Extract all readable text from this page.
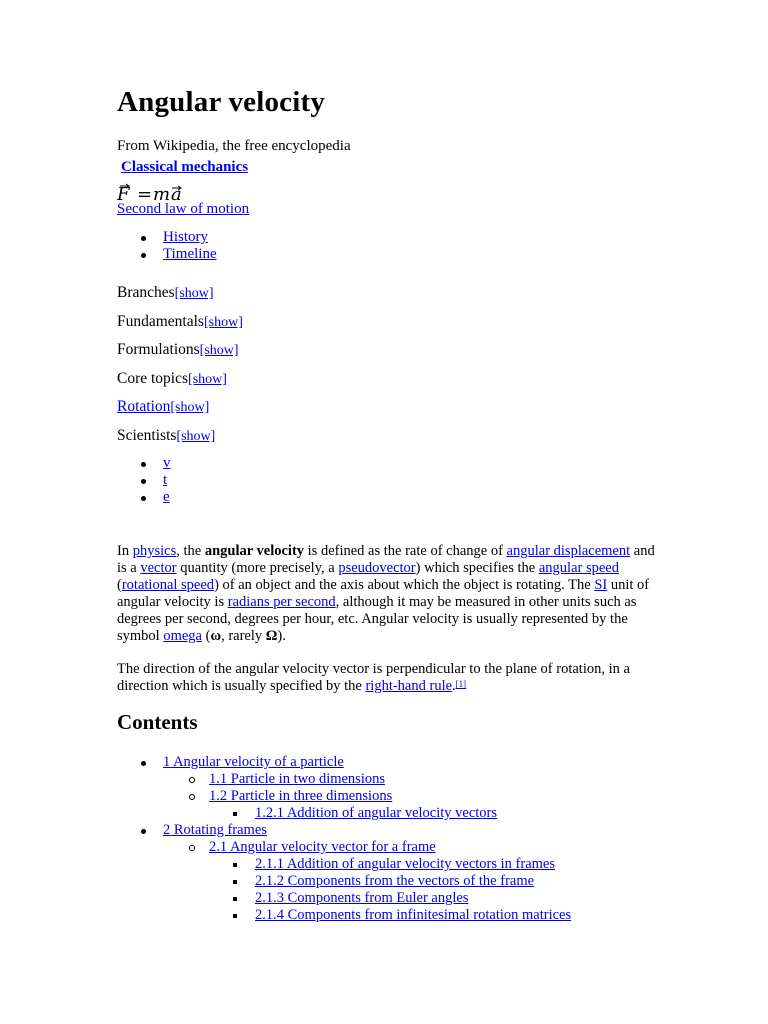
Angular velocity
From Wikipedia, the free encyclopedia
Classical mechanics
F = m a
Second law of motion
History
Timeline
Branches[show]
Fundamentals[show]
Formulations[show]
Core topics[show]
Rotation[show]
Scientists[show]
v
t
e
In physics, the angular velocity is defined as the rate of change of angular displacement and is a vector quantity (more precisely, a pseudovector) which specifies the angular speed (rotational speed) of an object and the axis about which the object is rotating. The SI unit of angular velocity is radians per second, although it may be measured in other units such as degrees per second, degrees per hour, etc. Angular velocity is usually represented by the symbol omega (ω, rarely Ω).
The direction of the angular velocity vector is perpendicular to the plane of rotation, in a direction which is usually specified by the right-hand rule.[1]
Contents
1 Angular velocity of a particle
1.1 Particle in two dimensions
1.2 Particle in three dimensions
1.2.1 Addition of angular velocity vectors
2 Rotating frames
2.1 Angular velocity vector for a frame
2.1.1 Addition of angular velocity vectors in frames
2.1.2 Components from the vectors of the frame
2.1.3 Components from Euler angles
2.1.4 Components from infinitesimal rotation matrices
